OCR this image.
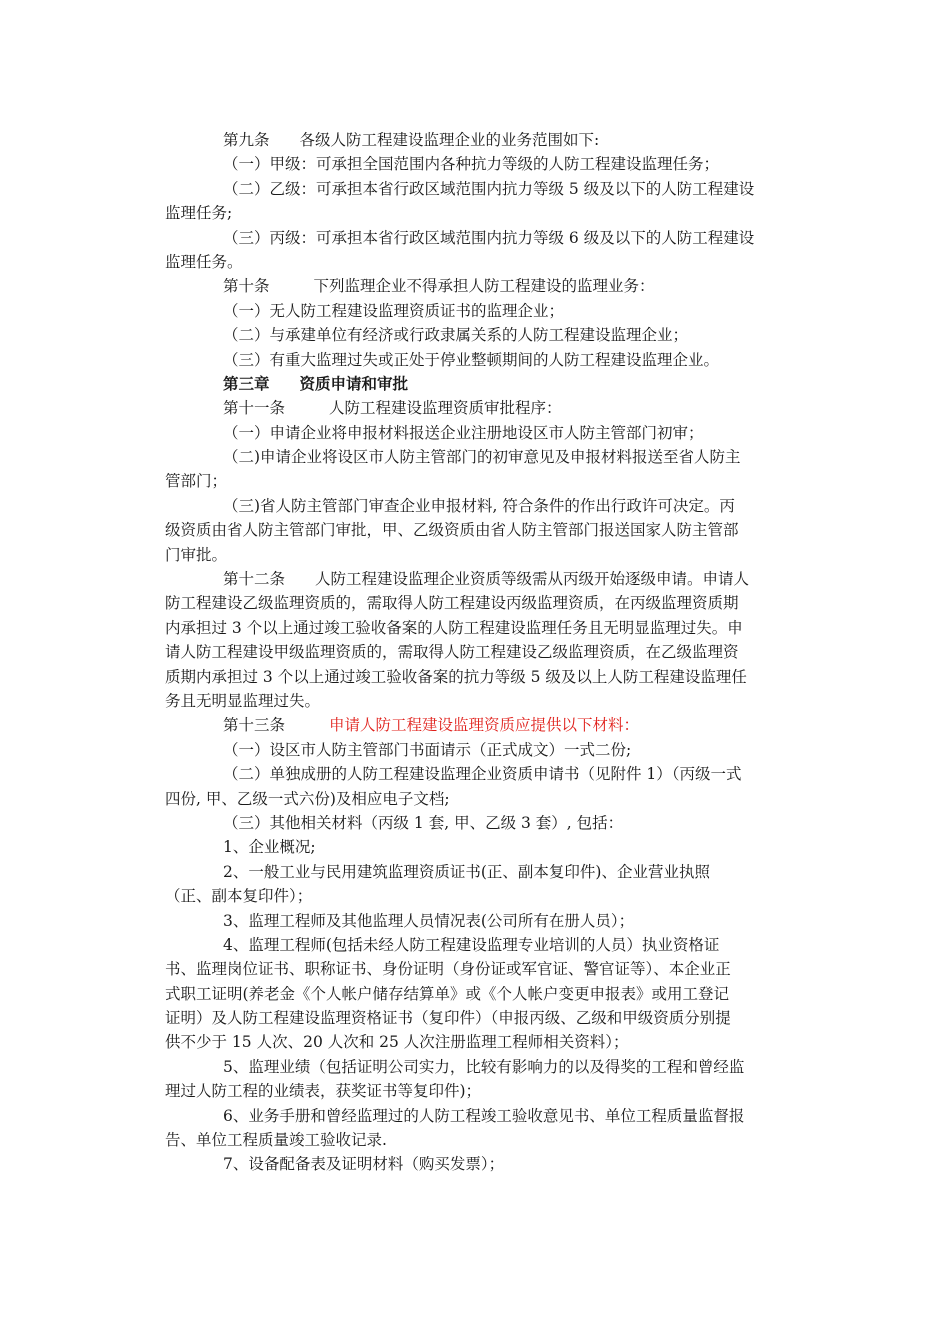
第九条 各级人防工程建设监理企业的业务范围如下:
（一）甲级：可承担全国范围内各种抗力等级的人防工程建设监理任务；
（二）乙级：可承担本省行政区域范围内抗力等级 5 级及以下的人防工程建设
监理任务;
（三）丙级：可承担本省行政区域范围内抗力等级 6 级及以下的人防工程建设
监理任务。
第十条	下列监理企业不得承担人防工程建设的监理业务：
（一）无人防工程建设监理资质证书的监理企业；
（二）与承建单位有经济或行政隶属关系的人防工程建设监理企业；
（三）有重大监理过失或正处于停业整顿期间的人防工程建设监理企业。
第三章 资质申请和审批
第十一条	人防工程建设监理资质审批程序：
（一）申请企业将申报材料报送企业注册地设区市人防主管部门初审；
（二)申请企业将设区市人防主管部门的初审意见及申报材料报送至省人防主
管部门；
（三)省人防主管部门审查企业申报材料, 符合条件的作出行政许可决定。丙
级资质由省人防主管部门审批，甲、乙级资质由省人防主管部门报送国家人防主管部
门审批。
第十二条 人防工程建设监理企业资质等级需从丙级开始逐级申请。申请人
防工程建设乙级监理资质的，需取得人防工程建设丙级监理资质，在丙级监理资质期
内承担过 3 个以上通过竣工验收备案的人防工程建设监理任务且无明显监理过失。申
请人防工程建设甲级监理资质的，需取得人防工程建设乙级监理资质，在乙级监理资
质期内承担过 3 个以上通过竣工验收备案的抗力等级 5 级及以上人防工程建设监理任
务且无明显监理过失。
第十三条	申请人防工程建设监理资质应提供以下材料：
（一）设区市人防主管部门书面请示（正式成文）一式二份;
（二）单独成册的人防工程建设监理企业资质申请书（见附件 1）（丙级一式
四份, 甲、乙级一式六份)及相应电子文档;
（三）其他相关材料（丙级 1 套, 甲、乙级 3 套）, 包括：
1、企业概况;
2、一般工业与民用建筑监理资质证书(正、副本复印件)、企业营业执照
（正、副本复印件）；
3、监理工程师及其他监理人员情况表(公司所有在册人员）；
4、监理工程师(包括未经人防工程建设监理专业培训的人员）执业资格证
书、监理岗位证书、职称证书、身份证明（身份证或军官证、警官证等）、本企业正
式职工证明(养老金《个人帐户储存结算单》或《个人帐户变更申报表》或用工登记
证明）及人防工程建设监理资格证书（复印件）（申报丙级、乙级和甲级资质分别提
供不少于 15 人次、20 人次和 25 人次注册监理工程师相关资料）；
5、监理业绩（包括证明公司实力，比较有影响力的以及得奖的工程和曾经监
理过人防工程的业绩表，获奖证书等复印件)；
6、业务手册和曾经监理过的人防工程竣工验收意见书、单位工程质量监督报
告、单位工程质量竣工验收记录.
7、设备配备表及证明材料（购买发票）；
